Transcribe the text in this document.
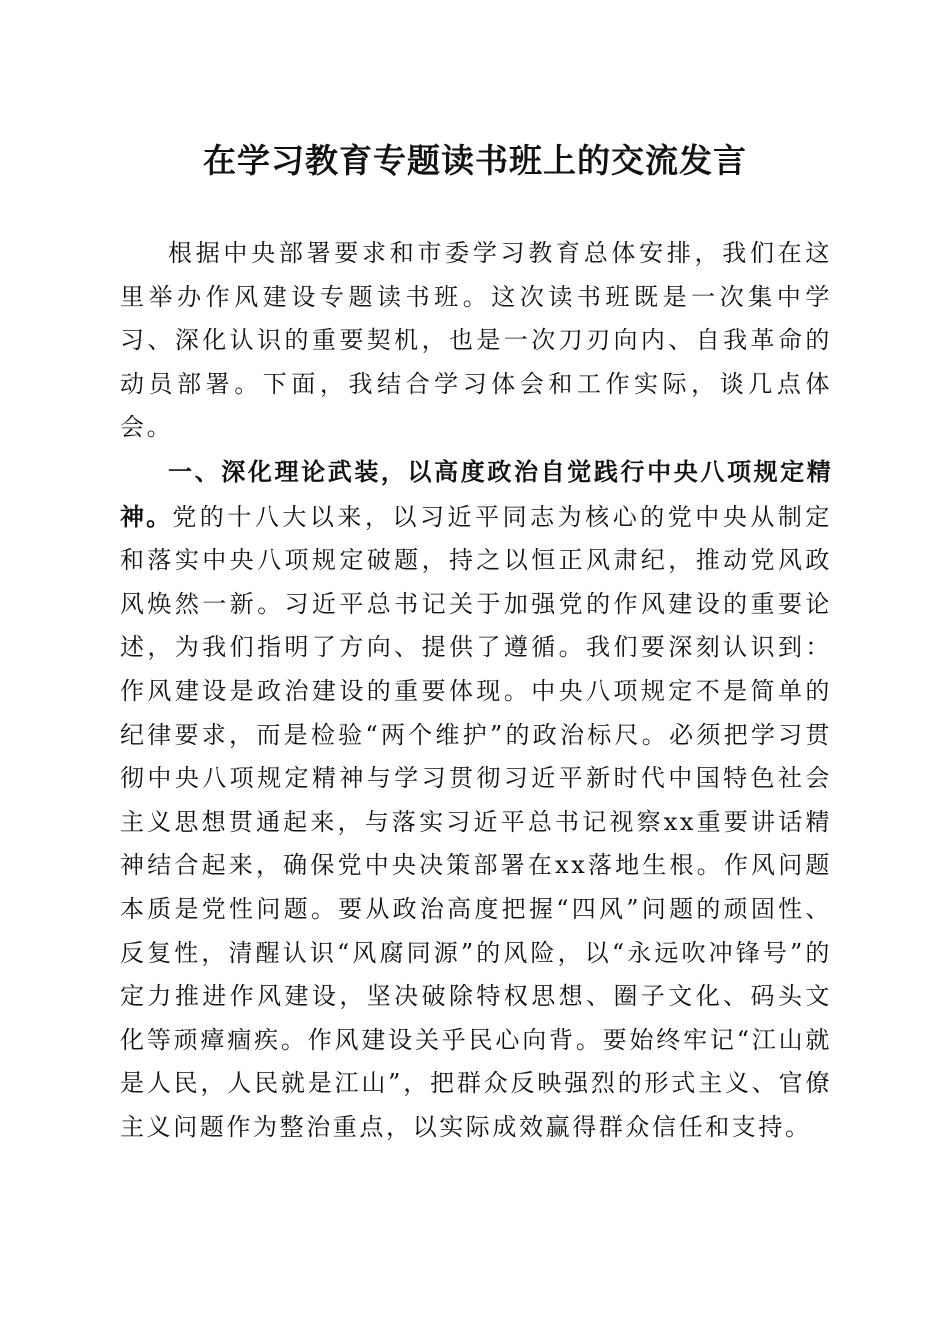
在学习教育专题读书班上的交流发言

根据中央部署要求和市委学习教育总体安排，我们在这里举办作风建设专题读书班。这次读书班既是一次集中学习、深化认识的重要契机，也是一次刀刃向内、自我革命的动员部署。下面，我结合学习体会和工作实际，谈几点体会。

一、深化理论武装，以高度政治自觉践行中央八项规定精神。党的十八大以来，以习近平同志为核心的党中央从制定和落实中央八项规定破题，持之以恒正风肃纪，推动党风政风焕然一新。习近平总书记关于加强党的作风建设的重要论述，为我们指明了方向、提供了遵循。我们要深刻认识到：作风建设是政治建设的重要体现。中央八项规定不是简单的纪律要求，而是检验“两个维护”的政治标尺。必须把学习贯彻中央八项规定精神与学习贯彻习近平新时代中国特色社会主义思想贯通起来，与落实习近平总书记视察xx重要讲话精神结合起来，确保党中央决策部署在xx落地生根。作风问题本质是党性问题。要从政治高度把握“四风”问题的顽固性、反复性，清醒认识“风腐同源”的风险，以“永远吹冲锋号”的定力推进作风建设，坚决破除特权思想、圈子文化、码头文化等顽瘴痼疾。作风建设关乎民心向背。要始终牢记“江山就是人民，人民就是江山”，把群众反映强烈的形式主义、官僚主义问题作为整治重点，以实际成效赢得群众信任和支持。
